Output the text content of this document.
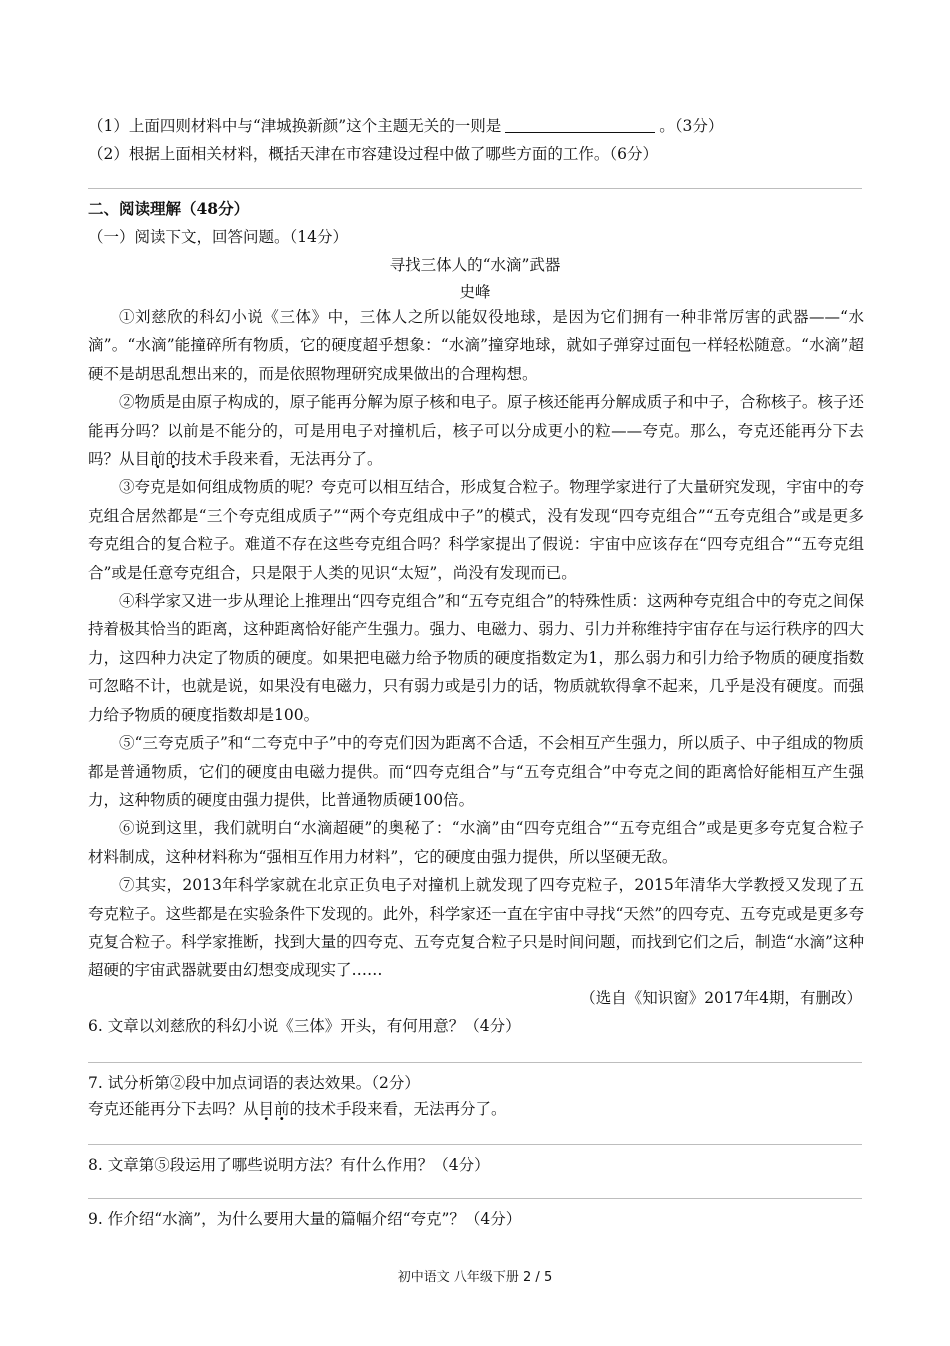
（1）上面四则材料中与“津城换新颜”这个主题无关的一则是	。（3分）
（2）根据上面相关材料，概括天津在市容建设过程中做了哪些方面的工作。（6分）
二、阅读理解（48分）
（一）阅读下文，回答问题。（14分）
寻找三体人的“水滴”武器
史峰

①刘慈欣的科幻小说《三体》中，三体人之所以能奴役地球，是因为它们拥有一种非常厉害的武器——“水滴”。“水滴”能撞碎所有物质，它的硬度超乎想象：“水滴”撞穿地球，就如子弹穿过面包一样轻松随意。“水滴”超硬不是胡思乱想出来的，而是依照物理研究成果做出的合理构想。

②物质是由原子构成的，原子能再分解为原子核和电子。原子核还能再分解成质子和中子，合称核子。核子还能再分吗？以前是不能分的，可是用电子对撞机后，核子可以分成更小的粒——夸克。那么，夸克还能再分下去吗？从目前的技术手段来看，无法再分了。

③夸克是如何组成物质的呢？夸克可以相互结合，形成复合粒子。物理学家进行了大量研究发现，宇宙中的夸克组合居然都是“三个夸克组成质子”“两个夸克组成中子”的模式，没有发现“四夸克组合”“五夸克组合”或是更多夸克组合的复合粒子。难道不存在这些夸克组合吗？科学家提出了假说：宇宙中应该存在“四夸克组合”“五夸克组合”或是任意夸克组合，只是限于人类的见识“太短”，尚没有发现而已。

④科学家又进一步从理论上推理出“四夸克组合”和“五夸克组合”的特殊性质：这两种夸克组合中的夸克之间保持着极其恰当的距离，这种距离恰好能产生强力。强力、电磁力、弱力、引力并称维持宇宙存在与运行秩序的四大力，这四种力决定了物质的硬度。如果把电磁力给予物质的硬度指数定为1，那么弱力和引力给予物质的硬度指数可忽略不计，也就是说，如果没有电磁力，只有弱力或是引力的话，物质就软得拿不起来，几乎是没有硬度。而强力给予物质的硬度指数却是100。

⑤“三夸克质子”和“二夸克中子”中的夸克们因为距离不合适，不会相互产生强力，所以质子、中子组成的物质都是普通物质，它们的硬度由电磁力提供。而“四夸克组合”与“五夸克组合”中夸克之间的距离恰好能相互产生强力，这种物质的硬度由强力提供，比普通物质硬100倍。

⑥说到这里，我们就明白“水滴超硬”的奥秘了：“水滴”由“四夸克组合”“五夸克组合”或是更多夸克复合粒子材料制成，这种材料称为“强相互作用力材料”，它的硬度由强力提供，所以坚硬无敌。

⑦其实，2013年科学家就在北京正负电子对撞机上就发现了四夸克粒子，2015年清华大学教授又发现了五夸克粒子。这些都是在实验条件下发现的。此外，科学家还一直在宇宙中寻找“天然”的四夸克、五夸克或是更多夸克复合粒子。科学家推断，找到大量的四夸克、五夸克复合粒子只是时间问题，而找到它们之后，制造“水滴”这种超硬的宇宙武器就要由幻想变成现实了……

（选自《知识窗》2017年4期，有删改）
6. 文章以刘慈欣的科幻小说《三体》开头，有何用意？（4分）
7. 试分析第②段中加点词语的表达效果。（2分）
夸克还能再分下去吗？从目前的技术手段来看，无法再分了。
8. 文章第⑤段运用了哪些说明方法？有什么作用？（4分）
9. 作介绍“水滴”，为什么要用大量的篇幅介绍“夸克”？（4分）
初中语文 八年级下册 2 / 5
